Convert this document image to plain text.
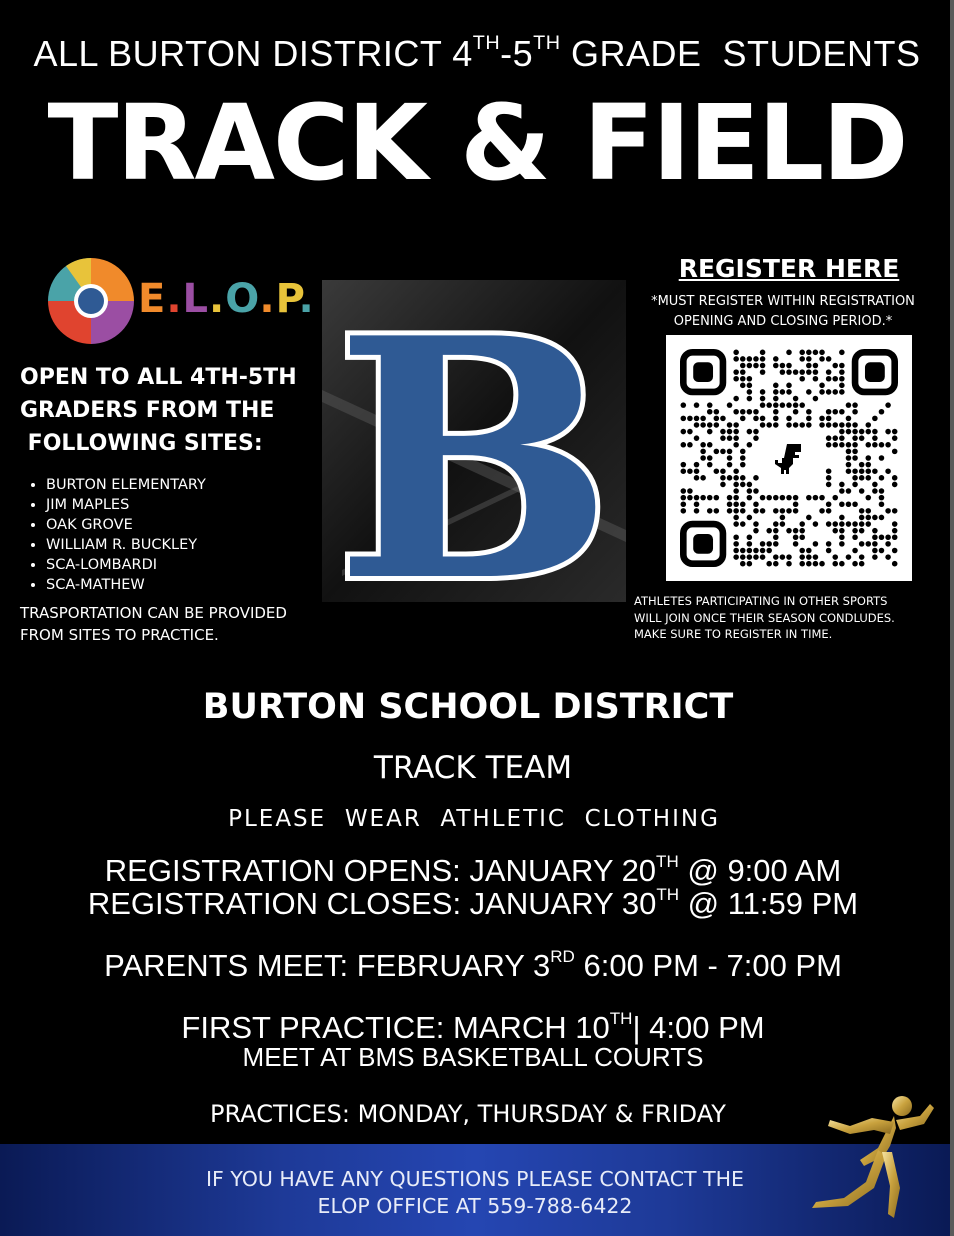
ALL BURTON DISTRICT 4TH-5TH GRADE  STUDENTS
TRACK & FIELD
E.L.O.P.
OPEN TO ALL 4TH-5TH
GRADERS FROM THE
FOLLOWING SITES:
• BURTON ELEMENTARY
• JIM MAPLES
• OAK GROVE
• WILLIAM R. BUCKLEY
• SCA-LOMBARDI
• SCA-MATHEW
TRASPORTATION CAN BE PROVIDED
FROM SITES TO PRACTICE. B	REGISTER HERE
*MUST REGISTER WITHIN REGISTRATION
OPENING AND CLOSING PERIOD.*
ATHLETES PARTICIPATING IN OTHER SPORTS
WILL JOIN ONCE THEIR SEASON CONDLUDES.
MAKE SURE TO REGISTER IN TIME.
BURTON SCHOOL DISTRICT
TRACK TEAM
PLEASE  WEAR  ATHLETIC  CLOTHING
REGISTRATION OPENS: JANUARY 20TH @ 9:00 AM
REGISTRATION CLOSES: JANUARY 30TH @ 11:59 PM
PARENTS MEET: FEBRUARY 3RD 6:00 PM - 7:00 PM
FIRST PRACTICE: MARCH 10TH| 4:00 PM
MEET AT BMS BASKETBALL COURTS
PRACTICES: MONDAY, THURSDAY & FRIDAY
IF YOU HAVE ANY QUESTIONS PLEASE CONTACT THE
ELOP OFFICE AT 559-788-6422
